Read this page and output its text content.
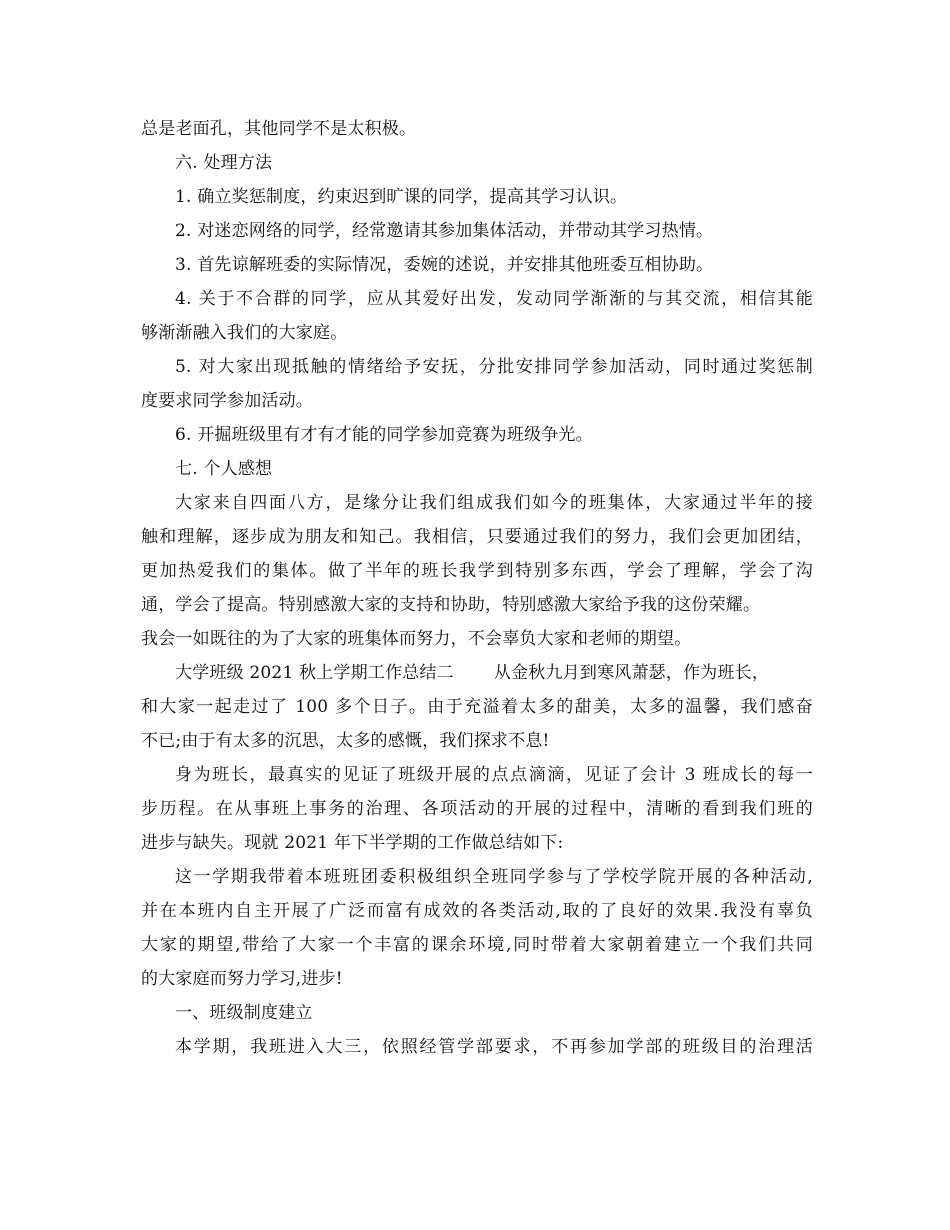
总是老面孔，其他同学不是太积极。
六. 处理方法
1. 确立奖惩制度，约束迟到旷课的同学，提高其学习认识。
2. 对迷恋网络的同学，经常邀请其参加集体活动，并带动其学习热情。
3. 首先谅解班委的实际情况，委婉的述说，并安排其他班委互相协助。
4. 关于不合群的同学，应从其爱好出发，发动同学渐渐的与其交流，相信其能
够渐渐融入我们的大家庭。
5. 对大家出现抵触的情绪给予安抚，分批安排同学参加活动，同时通过奖惩制
度要求同学参加活动。
6. 开掘班级里有才有才能的同学参加竞赛为班级争光。
七. 个人感想
大家来自四面八方，是缘分让我们组成我们如今的班集体，大家通过半年的接
触和理解，逐步成为朋友和知己。我相信，只要通过我们的努力，我们会更加团结，
更加热爱我们的集体。做了半年的班长我学到特别多东西，学会了理解，学会了沟
通，学会了提高。特别感激大家的支持和协助，特别感激大家给予我的这份荣耀。
我会一如既往的为了大家的班集体而努力，不会辜负大家和老师的期望。
大学班级 2021 秋上学期工作总结二 从金秋九月到寒风萧瑟，作为班长，
和大家一起走过了 100 多个日子。由于充溢着太多的甜美，太多的温馨，我们感奋
不已;由于有太多的沉思，太多的感慨，我们探求不息!
身为班长，最真实的见证了班级开展的点点滴滴，见证了会计 3 班成长的每一
步历程。在从事班上事务的治理、各项活动的开展的过程中，清晰的看到我们班的
进步与缺失。现就 2021 年下半学期的工作做总结如下:
这一学期我带着本班班团委积极组织全班同学参与了学校学院开展的各种活动,
并在本班内自主开展了广泛而富有成效的各类活动,取的了良好的效果.我没有辜负
大家的期望,带给了大家一个丰富的课余环境,同时带着大家朝着建立一个我们共同
的大家庭而努力学习,进步!
一、班级制度建立
本学期，我班进入大三，依照经管学部要求，不再参加学部的班级目的治理活
